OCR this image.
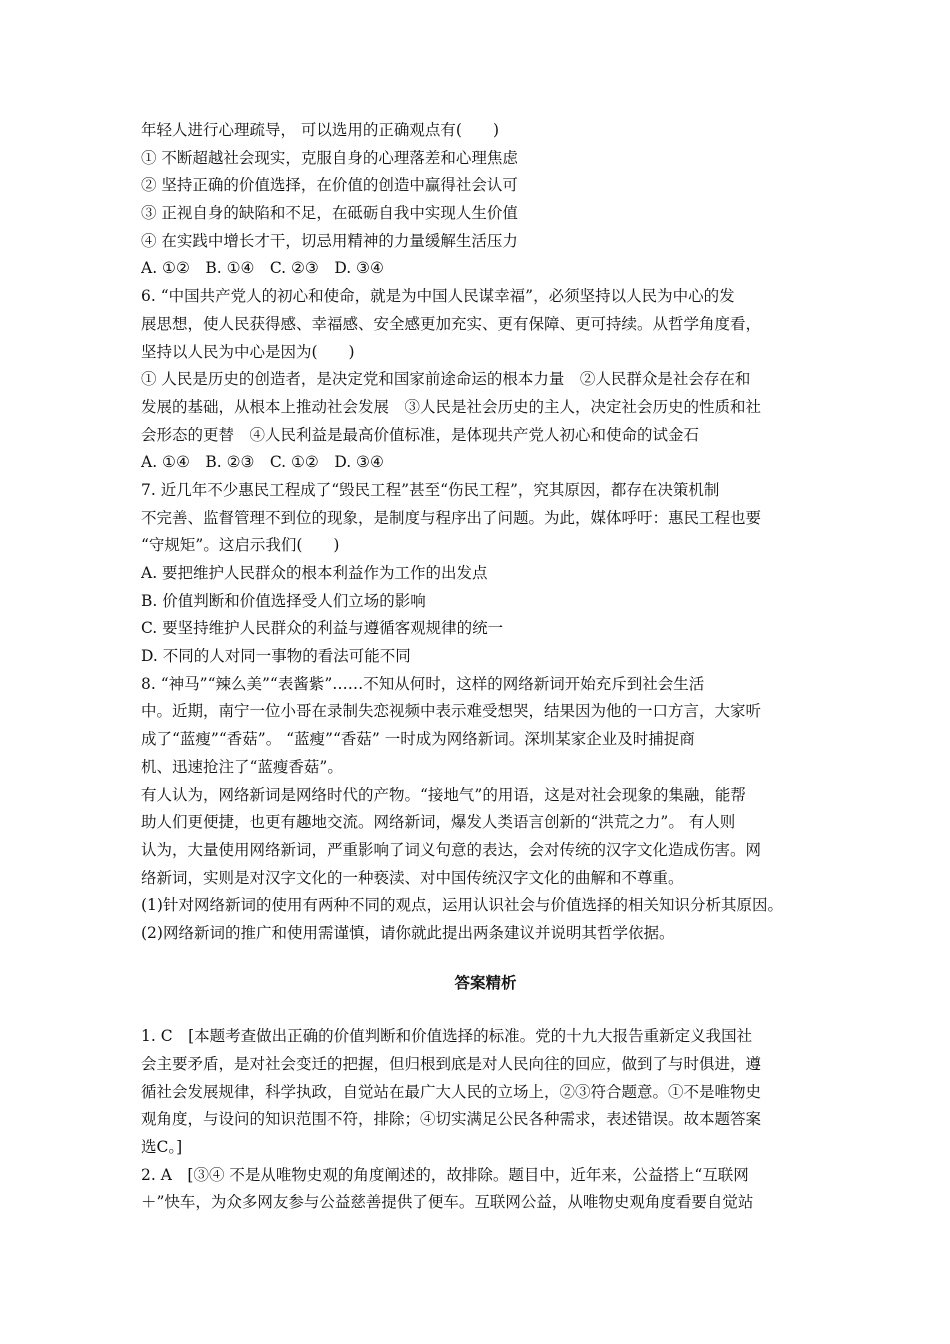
年轻人进行心理疏导， 可以选用的正确观点有(　　)
① 不断超越社会现实，克服自身的心理落差和心理焦虑
② 坚持正确的价值选择，在价值的创造中赢得社会认可
③ 正视自身的缺陷和不足，在砥砺自我中实现人生价值
④ 在实践中增长才干，切忌用精神的力量缓解生活压力
A. ①②　B. ①④　C. ②③　D. ③④
6. “中国共产党人的初心和使命，就是为中国人民谋幸福”，必须坚持以人民为中心的发
展思想，使人民获得感、幸福感、安全感更加充实、更有保障、更可持续。从哲学角度看，
坚持以人民为中心是因为(　　)
① 人民是历史的创造者，是决定党和国家前途命运的根本力量　②人民群众是社会存在和
发展的基础，从根本上推动社会发展　③人民是社会历史的主人，决定社会历史的性质和社
会形态的更替　④人民利益是最高价值标准，是体现共产党人初心和使命的试金石
A. ①④　B. ②③　C. ①②　D. ③④
7. 近几年不少惠民工程成了“毁民工程”甚至“伤民工程”，究其原因，都存在决策机制
不完善、监督管理不到位的现象，是制度与程序出了问题。为此，媒体呼吁：惠民工程也要
“守规矩”。这启示我们(　　)
A. 要把维护人民群众的根本利益作为工作的出发点
B. 价值判断和价值选择受人们立场的影响
C. 要坚持维护人民群众的利益与遵循客观规律的统一
D. 不同的人对同一事物的看法可能不同
8. “神马”“辣么美”“表酱紫”……不知从何时，这样的网络新词开始充斥到社会生活
中。近期，南宁一位小哥在录制失恋视频中表示难受想哭，结果因为他的一口方言，大家听
成了“蓝瘦”“香菇”。 “蓝瘦”“香菇” 一时成为网络新词。深圳某家企业及时捕捉商
机、迅速抢注了“蓝瘦香菇”。
有人认为，网络新词是网络时代的产物。“接地气”的用语，这是对社会现象的集融，能帮
助人们更便捷，也更有趣地交流。网络新词，爆发人类语言创新的“洪荒之力”。 有人则
认为，大量使用网络新词，严重影响了词义句意的表达，会对传统的汉字文化造成伤害。网
络新词，实则是对汉字文化的一种亵渎、对中国传统汉字文化的曲解和不尊重。
(1)针对网络新词的使用有两种不同的观点，运用认识社会与价值选择的相关知识分析其原因。
(2)网络新词的推广和使用需谨慎，请你就此提出两条建议并说明其哲学依据。
答案精析
1. C　[本题考查做出正确的价值判断和价值选择的标准。党的十九大报告重新定义我国社
会主要矛盾，是对社会变迁的把握，但归根到底是对人民向往的回应，做到了与时俱进，遵
循社会发展规律，科学执政，自觉站在最广大人民的立场上，②③符合题意。①不是唯物史
观角度，与设问的知识范围不符，排除；④切实满足公民各种需求，表述错误。故本题答案
选C。]
2. A　[③④ 不是从唯物史观的角度阐述的，故排除。题目中，近年来，公益搭上“互联网
＋”快车，为众多网友参与公益慈善提供了便车。互联网公益，从唯物史观角度看要自觉站
